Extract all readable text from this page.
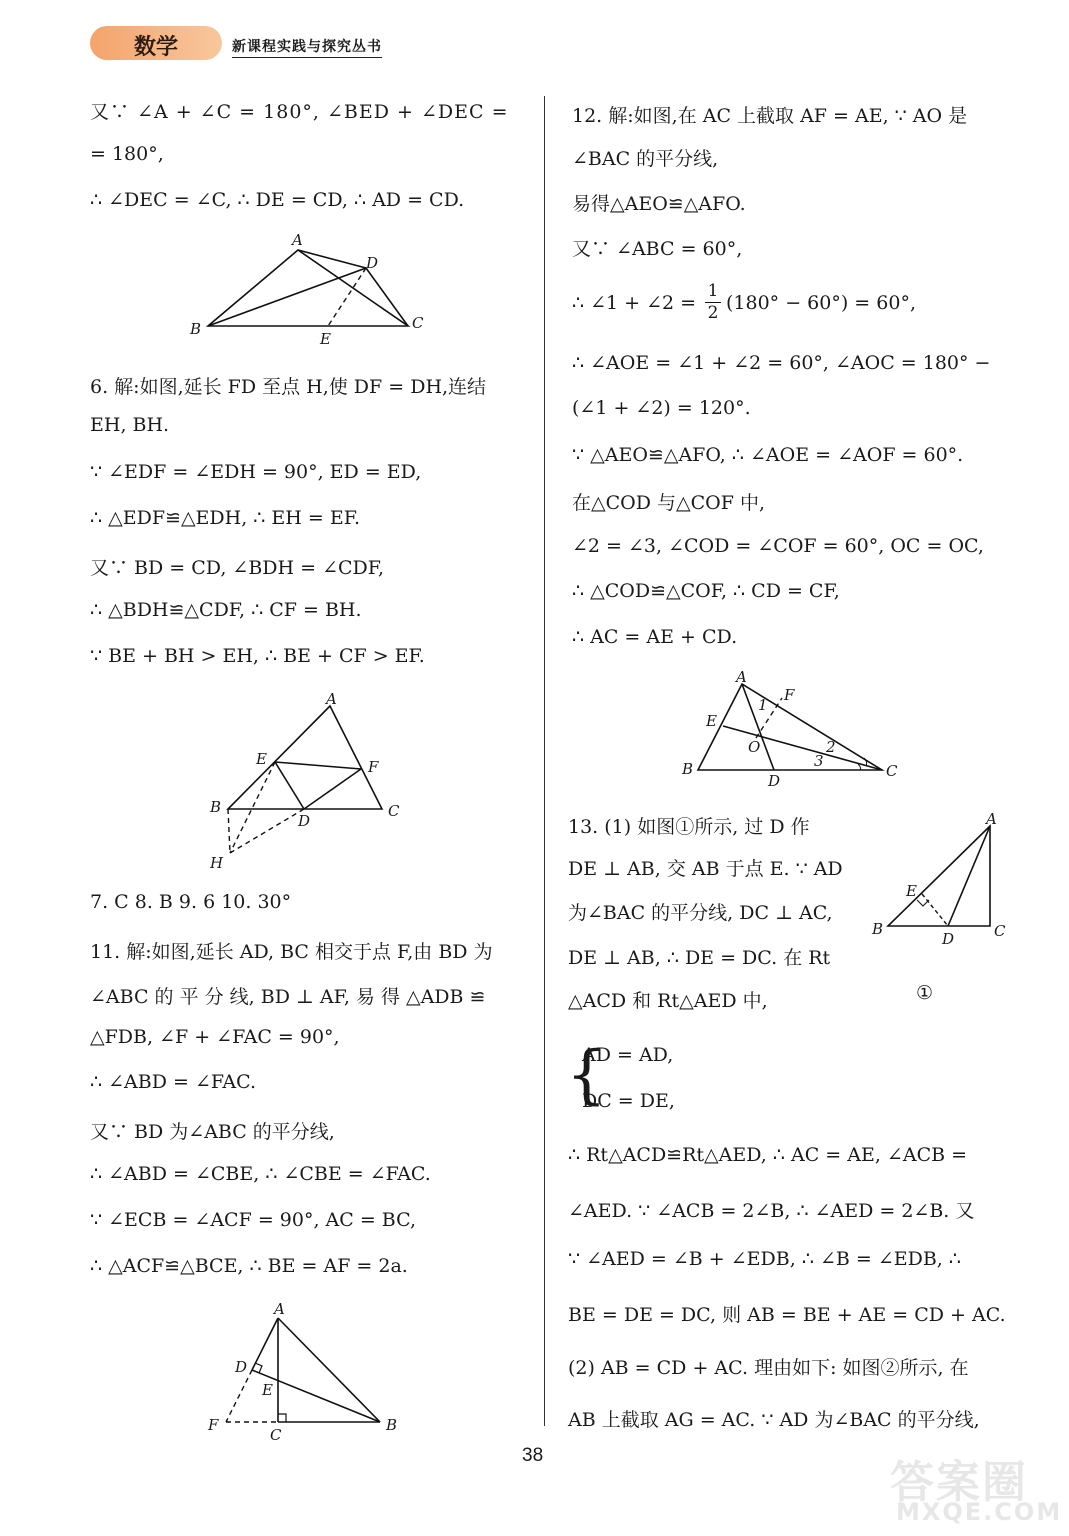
数学	新课程实践与探究丛书
又∵ ∠A + ∠C = 180°, ∠BED + ∠DEC =
= 180°,
∴ ∠DEC = ∠C, ∴ DE = CD, ∴ AD = CD.
6. 解:如图,延长 FD 至点 H,使 DF = DH,连结
EH, BH.
∵ ∠EDF = ∠EDH = 90°, ED = ED,
∴ △EDF≌△EDH, ∴ EH = EF.
又∵ BD = CD, ∠BDH = ∠CDF,
∴ △BDH≌△CDF, ∴ CF = BH.
∵ BE + BH > EH, ∴ BE + CF > EF.
7. C 8. B 9. 6 10. 30°
11. 解:如图,延长 AD, BC 相交于点 F,由 BD 为
∠ABC 的 平 分 线, BD ⊥ AF, 易 得 △ADB ≌
△FDB, ∠F + ∠FAC = 90°,
∴ ∠ABD = ∠FAC.
又∵ BD 为∠ABC 的平分线,
∴ ∠ABD = ∠CBE, ∴ ∠CBE = ∠FAC.
∵ ∠ECB = ∠ACF = 90°, AC = BC,
∴ △ACF≌△BCE, ∴ BE = AF = 2a.
A
D
B
E
C
A
E	F
B
D
C
H
A
D
E
F
C
B
12. 解:如图,在 AC 上截取 AF = AE, ∵ AO 是
∠BAC 的平分线,
易得△AEO≌△AFO.
又∵ ∠ABC = 60°,
∴ ∠1 + ∠2 = $\frac{1}{2} (180^\circ - 60^\circ) = 60^\circ$,
∴ ∠AOE = ∠1 + ∠2 = 60°, ∠AOC = 180° −
(∠1 + ∠2) = 120°.
∵ △AEO≌△AFO, ∴ ∠AOE = ∠AOF = 60°.
在△COD 与△COF 中,
∠2 = ∠3, ∠COD = ∠COF = 60°, OC = OC,
∴ △COD≌△COF, ∴ CD = CF,
∴ AC = AE + CD.
13. (1) 如图①所示, 过 D 作
DE ⊥ AB, 交 AB 于点 E. ∵ AD
为∠BAC 的平分线, DC ⊥ AC,
DE ⊥ AB, ∴ DE = DC. 在 Rt
△ACD 和 Rt△AED 中,
{
AD = AD,
DC = DE,
∴ Rt△ACD≌Rt△AED, ∴ AC = AE, ∠ACB =
∠AED. ∵ ∠ACB = 2∠B, ∴ ∠AED = 2∠B. 又
∵ ∠AED = ∠B + ∠EDB, ∴ ∠B = ∠EDB, ∴
BE = DE = DC, 则 AB = BE + AE = CD + AC.
(2) AB = CD + AC. 理由如下: 如图②所示, 在
AB 上截取 AG = AC. ∵ AD 为∠BAC 的平分线,
A
F
1
E
O	2
3
B
D
C
A
E
B
D	C
①
38
答案圈
MXQE.COM
